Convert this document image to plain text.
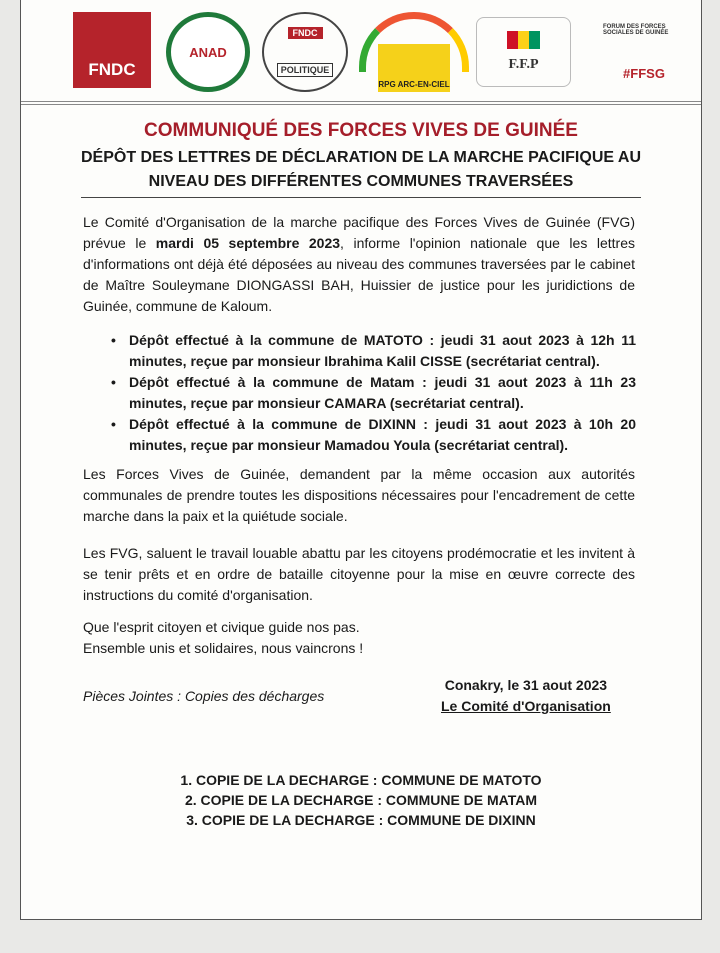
FNDC
ANAD
FNDC
POLITIQUE
RPG ARC-EN-CIEL
F.F.P
FORUM DES FORCES SOCIALES DE GUINÉE
#FFSG
COMMUNIQUÉ DES FORCES VIVES DE GUINÉE
DÉPÔT DES LETTRES DE DÉCLARATION DE LA MARCHE PACIFIQUE AU
NIVEAU DES DIFFÉRENTES COMMUNES TRAVERSÉES

Le Comité d'Organisation de la marche pacifique des Forces Vives de Guinée (FVG) prévue le mardi 05 septembre 2023, informe l'opinion nationale que les lettres d'informations ont déjà été déposées au niveau des communes traversées par le cabinet de Maître Souleymane DIONGASSI BAH, Huissier de justice pour les juridictions de Guinée, commune de Kaloum.

• Dépôt effectué à la commune de MATOTO : jeudi 31 aout 2023 à 12h 11 minutes, reçue par monsieur Ibrahima Kalil CISSE (secrétariat central).
• Dépôt effectué à la commune de Matam : jeudi 31 aout 2023 à 11h 23 minutes, reçue par monsieur CAMARA (secrétariat central).
• Dépôt effectué à la commune de DIXINN : jeudi 31 aout 2023 à 10h 20 minutes, reçue par monsieur Mamadou Youla (secrétariat central).

Les Forces Vives de Guinée, demandent par la même occasion aux autorités communales de prendre toutes les dispositions nécessaires pour l'encadrement de cette marche dans la paix et la quiétude sociale.

Les FVG, saluent le travail louable abattu par les citoyens prodémocratie et les invitent à se tenir prêts et en ordre de bataille citoyenne pour la mise en œuvre correcte des instructions du comité d'organisation.

Que l'esprit citoyen et civique guide nos pas.
Ensemble unis et solidaires, nous vaincrons !

Pièces Jointes : Copies des décharges
Conakry, le 31 aout 2023
Le Comité d'Organisation
1. COPIE DE LA DECHARGE : COMMUNE DE MATOTO
2. COPIE DE LA DECHARGE : COMMUNE DE MATAM
3. COPIE DE LA DECHARGE : COMMUNE DE DIXINN
